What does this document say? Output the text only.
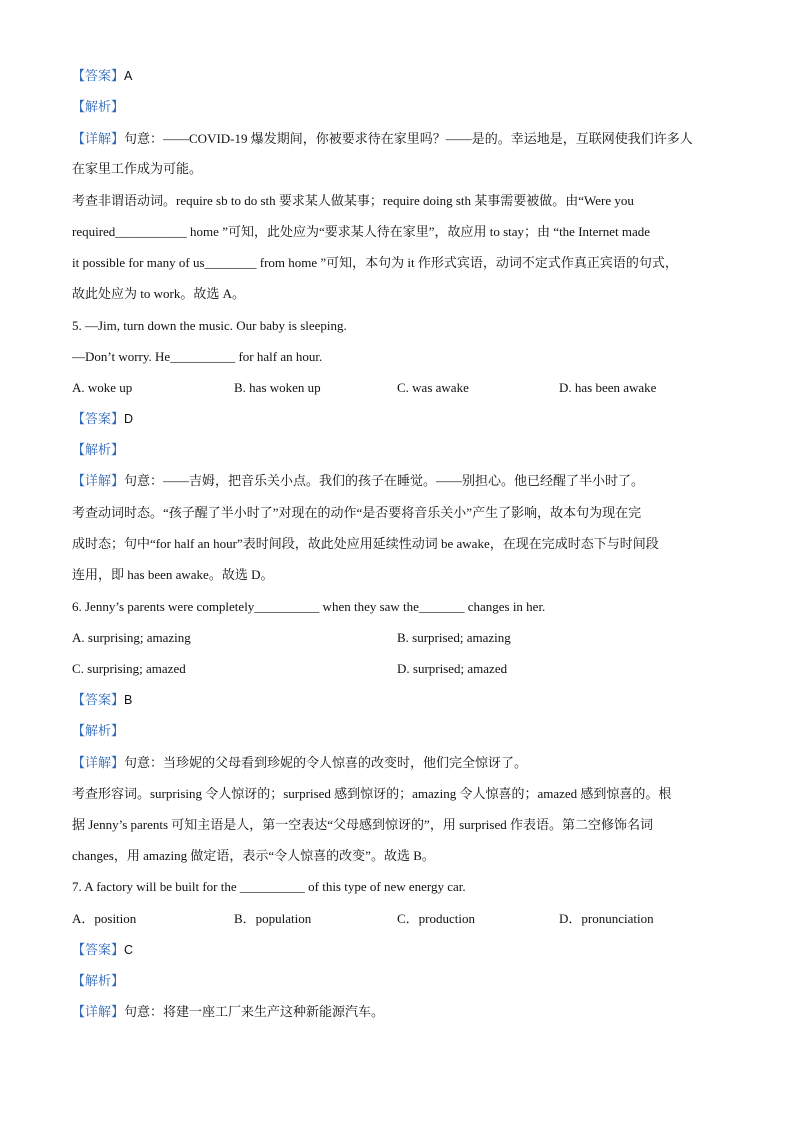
【答案】A
【解析】
【详解】句意：——COVID-19 爆发期间，你被要求待在家里吗？——是的。幸运地是，互联网使我们许多人
在家里工作成为可能。
考查非谓语动词。require sb to do sth 要求某人做某事；require doing sth 某事需要被做。由“Were you
required___________ home ”可知，此处应为“要求某人待在家里”，故应用 to stay；由 “the Internet made
it possible for many of us________ from home ”可知，本句为 it 作形式宾语，动词不定式作真正宾语的句式，
故此处应为 to work。故选 A。
5. —Jim, turn down the music. Our baby is sleeping.
—Don’t worry. He__________ for half an hour.
A. woke up	B. has woken up	C. was awake	D. has been awake
【答案】D
【解析】
【详解】句意：——吉姆，把音乐关小点。我们的孩子在睡觉。——别担心。他已经醒了半小时了。
考查动词时态。“孩子醒了半小时了”对现在的动作“是否要将音乐关小”产生了影响，故本句为现在完
成时态；句中“for half an hour”表时间段，故此处应用延续性动词 be awake，在现在完成时态下与时间段
连用，即 has been awake。故选 D。
6. Jenny’s parents were completely__________ when they saw the_______ changes in her.
A. surprising; amazing	B. surprised; amazing
C. surprising; amazed	D. surprised; amazed
【答案】B
【解析】
【详解】句意：当珍妮的父母看到珍妮的令人惊喜的改变时，他们完全惊讶了。
考查形容词。surprising 令人惊讶的；surprised 感到惊讶的；amazing 令人惊喜的；amazed 感到惊喜的。根
据 Jenny’s parents 可知主语是人，第一空表达“父母感到惊讶的”，用 surprised 作表语。第二空修饰名词
changes，用 amazing 做定语，表示“令人惊喜的改变”。故选 B。
7. A factory will be built for the __________ of this type of new energy car.
A．position	B．population	C．production	D．pronunciation
【答案】C
【解析】
【详解】句意：将建一座工厂来生产这种新能源汽车。
